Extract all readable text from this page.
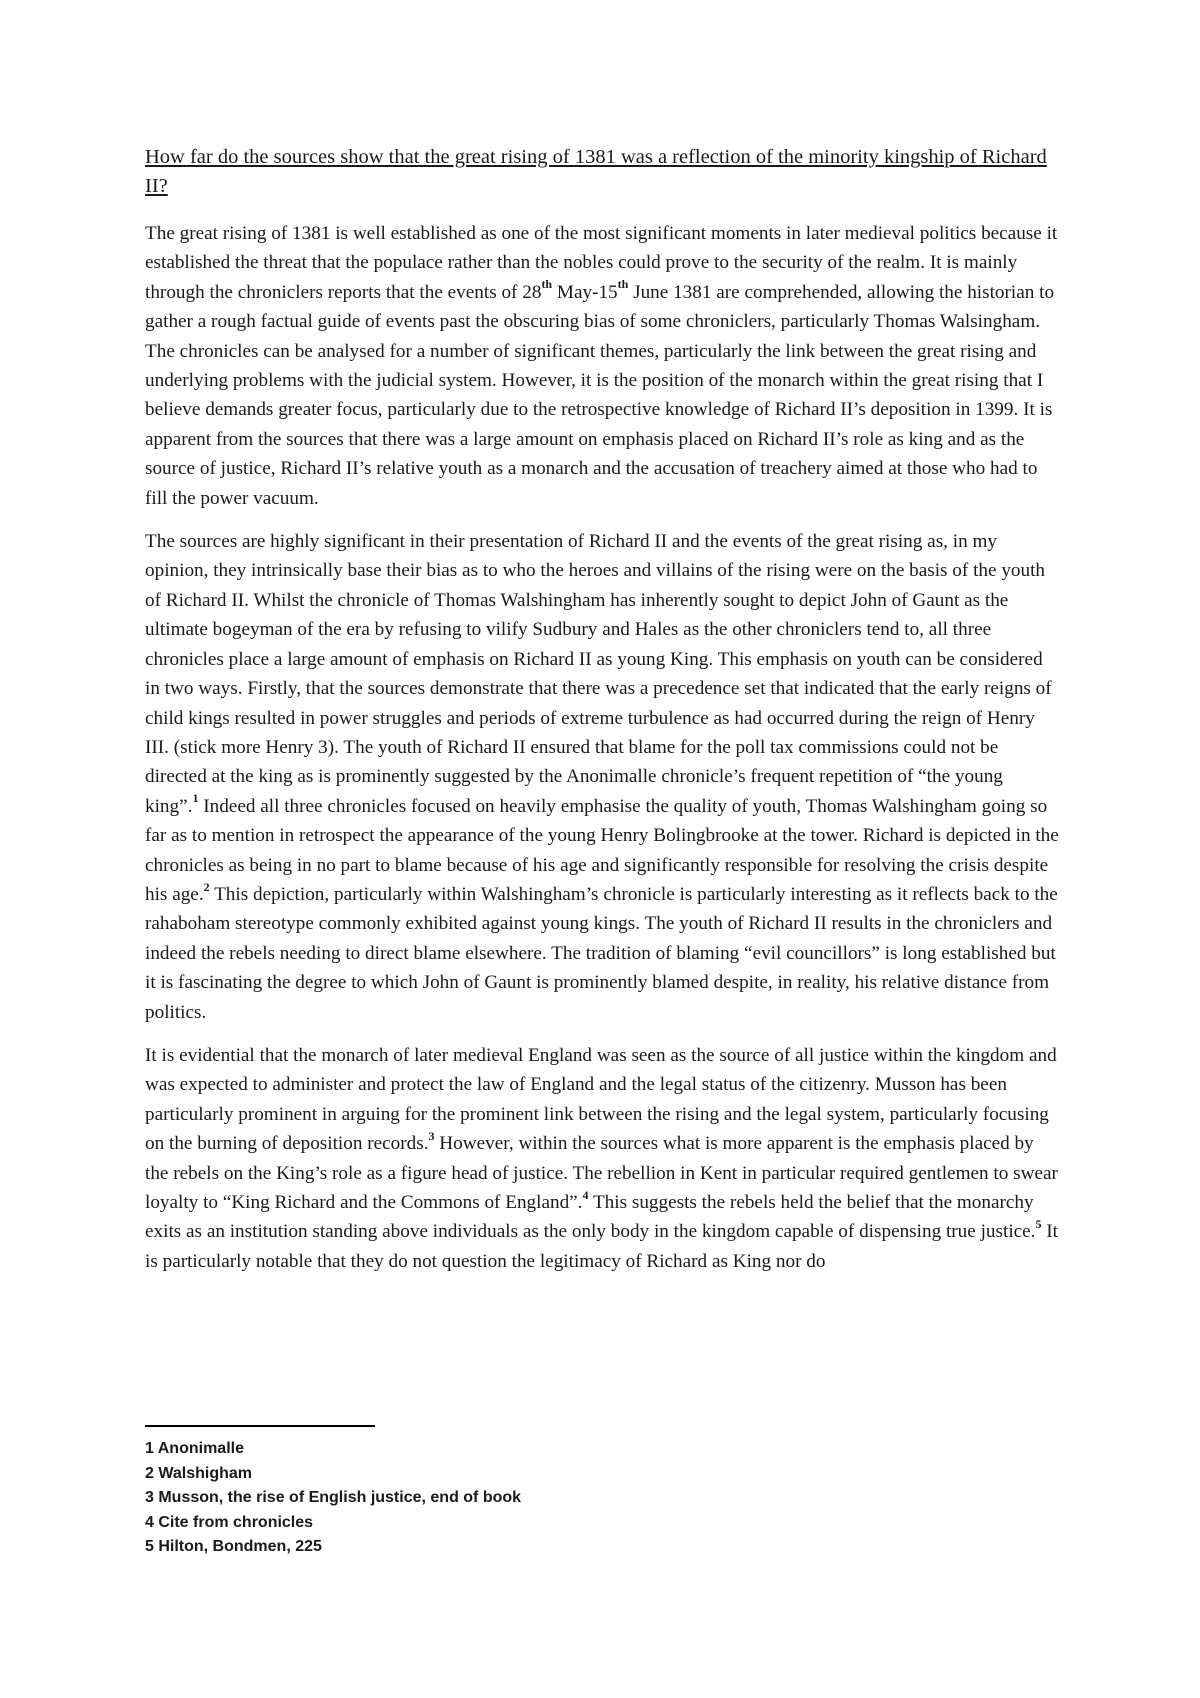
How far do the sources show that the great rising of 1381 was a reflection of the minority kingship of Richard II?

The great rising of 1381 is well established as one of the most significant moments in later medieval politics because it established the threat that the populace rather than the nobles could prove to the security of the realm. It is mainly through the chroniclers reports that the events of 28th May-15th June 1381 are comprehended, allowing the historian to gather a rough factual guide of events past the obscuring bias of some chroniclers, particularly Thomas Walsingham. The chronicles can be analysed for a number of significant themes, particularly the link between the great rising and underlying problems with the judicial system. However, it is the position of the monarch within the great rising that I believe demands greater focus, particularly due to the retrospective knowledge of Richard II’s deposition in 1399. It is apparent from the sources that there was a large amount on emphasis placed on Richard II’s role as king and as the source of justice, Richard II’s relative youth as a monarch and the accusation of treachery aimed at those who had to fill the power vacuum.

The sources are highly significant in their presentation of Richard II and the events of the great rising as, in my opinion, they intrinsically base their bias as to who the heroes and villains of the rising were on the basis of the youth of Richard II. Whilst the chronicle of Thomas Walshingham has inherently sought to depict John of Gaunt as the ultimate bogeyman of the era by refusing to vilify Sudbury and Hales as the other chroniclers tend to, all three chronicles place a large amount of emphasis on Richard II as young King. This emphasis on youth can be considered in two ways. Firstly, that the sources demonstrate that there was a precedence set that indicated that the early reigns of child kings resulted in power struggles and periods of extreme turbulence as had occurred during the reign of Henry III. (stick more Henry 3). The youth of Richard II ensured that blame for the poll tax commissions could not be directed at the king as is prominently suggested by the Anonimalle chronicle’s frequent repetition of “the young king”.$^1$ Indeed all three chronicles focused on heavily emphasise the quality of youth, Thomas Walshingham going so far as to mention in retrospect the appearance of the young Henry Bolingbrooke at the tower. Richard is depicted in the chronicles as being in no part to blame because of his age and significantly responsible for resolving the crisis despite his age.$^2$ This depiction, particularly within Walshingham’s chronicle is particularly interesting as it reflects back to the rahaboham stereotype commonly exhibited against young kings. The youth of Richard II results in the chroniclers and indeed the rebels needing to direct blame elsewhere. The tradition of blaming “evil councillors” is long established but it is fascinating the degree to which John of Gaunt is prominently blamed despite, in reality, his relative distance from politics.

It is evidential that the monarch of later medieval England was seen as the source of all justice within the kingdom and was expected to administer and protect the law of England and the legal status of the citizenry. Musson has been particularly prominent in arguing for the prominent link between the rising and the legal system, particularly focusing on the burning of deposition records.$^3$ However, within the sources what is more apparent is the emphasis placed by the rebels on the King’s role as a figure head of justice. The rebellion in Kent in particular required gentlemen to swear loyalty to “King Richard and the Commons of England”.$^4$ This suggests the rebels held the belief that the monarchy exits as an institution standing above individuals as the only body in the kingdom capable of dispensing true justice.$^5$ It is particularly notable that they do not question the legitimacy of Richard as King nor do

1 Anonimalle

2 Walshigham

3 Musson, the rise of English justice, end of book

4 Cite from chronicles

5 Hilton, Bondmen, 225
